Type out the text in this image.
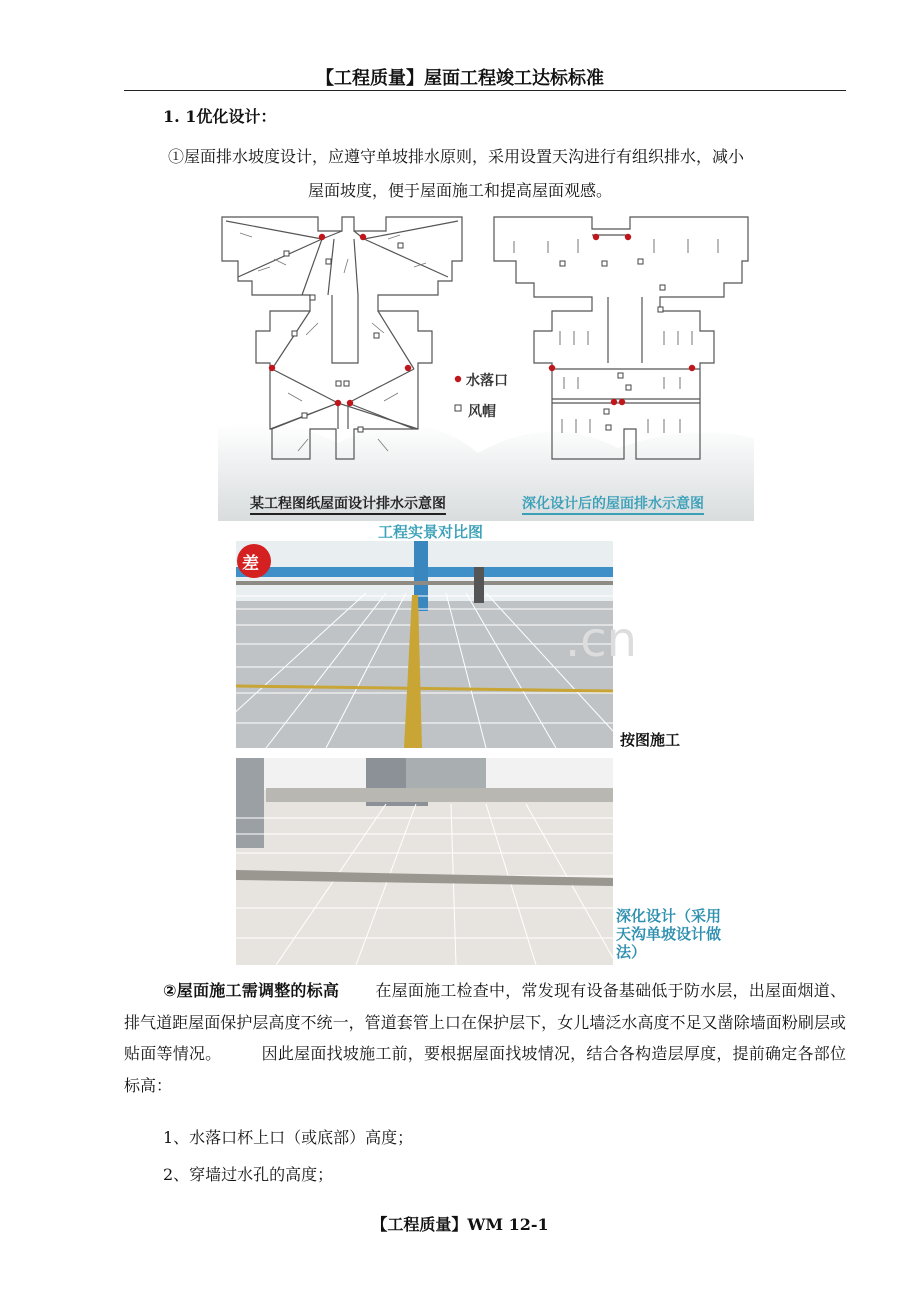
【工程质量】屋面工程竣工达标标准
1. 1优化设计：
①屋面排水坡度设计，应遵守单坡排水原则，采用设置天沟进行有组织排水，减小
屋面坡度，便于屋面施工和提高屋面观感。
水落口
风帽
某工程图纸屋面设计排水示意图	深化设计后的屋面排水示意图
工程实景对比图
差
按图施工
深化设计（采用
天沟单坡设计做
法）
.cn
②屋面施工需调整的标高 在屋面施工检查中，常发现有设备基础低于防水层，出屋面烟道、排气道距屋面保护层高度不统一，管道套管上口在保护层下，女儿墙泛水高度不足又凿除墙面粉刷层或贴面等情况。	因此屋面找坡施工前，要根据屋面找坡情况，结合各构造层厚度，提前确定各部位标高：
1、水落口杯上口（或底部）高度；
2、穿墙过水孔的高度；
【工程质量】WM 12-1
